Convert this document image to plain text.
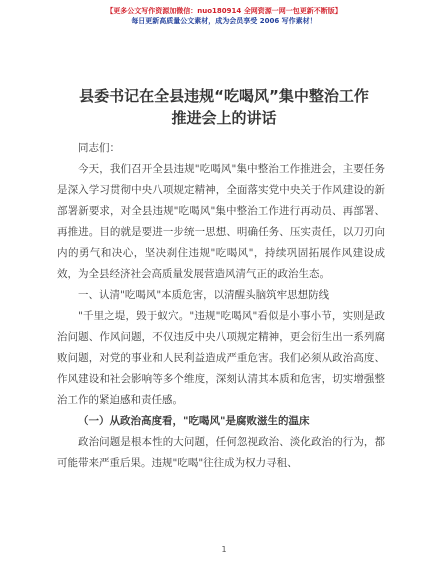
【更多公文写作资源加微信：nuo180914 全网资源一网一包更新不断版】
每日更新高质量公文素材，成为会员享受 2006 写作素材！
县委书记在全县违规“吃喝风”集中整治工作
推进会上的讲话

同志们：

今天，我们召开全县违规"吃喝风"集中整治工作推进会，主要任务是深入学习贯彻中央八项规定精神，全面落实党中央关于作风建设的新部署新要求，对全县违规"吃喝风"集中整治工作进行再动员、再部署、再推进。目的就是要进一步统一思想、明确任务、压实责任，以刀刃向内的勇气和决心，坚决刹住违规"吃喝风"，持续巩固拓展作风建设成效，为全县经济社会高质量发展营造风清气正的政治生态。

一、认清"吃喝风"本质危害，以清醒头脑筑牢思想防线

"千里之堤，毁于蚁穴。"违规"吃喝风"看似是小事小节，实则是政治问题、作风问题，不仅违反中央八项规定精神，更会衍生出一系列腐败问题，对党的事业和人民利益造成严重危害。我们必须从政治高度、作风建设和社会影响等多个维度，深刻认清其本质和危害，切实增强整治工作的紧迫感和责任感。

（一）从政治高度看，"吃喝风"是腐败滋生的温床

政治问题是根本性的大问题，任何忽视政治、淡化政治的行为，都可能带来严重后果。违规"吃喝"往往成为权力寻租、

1
